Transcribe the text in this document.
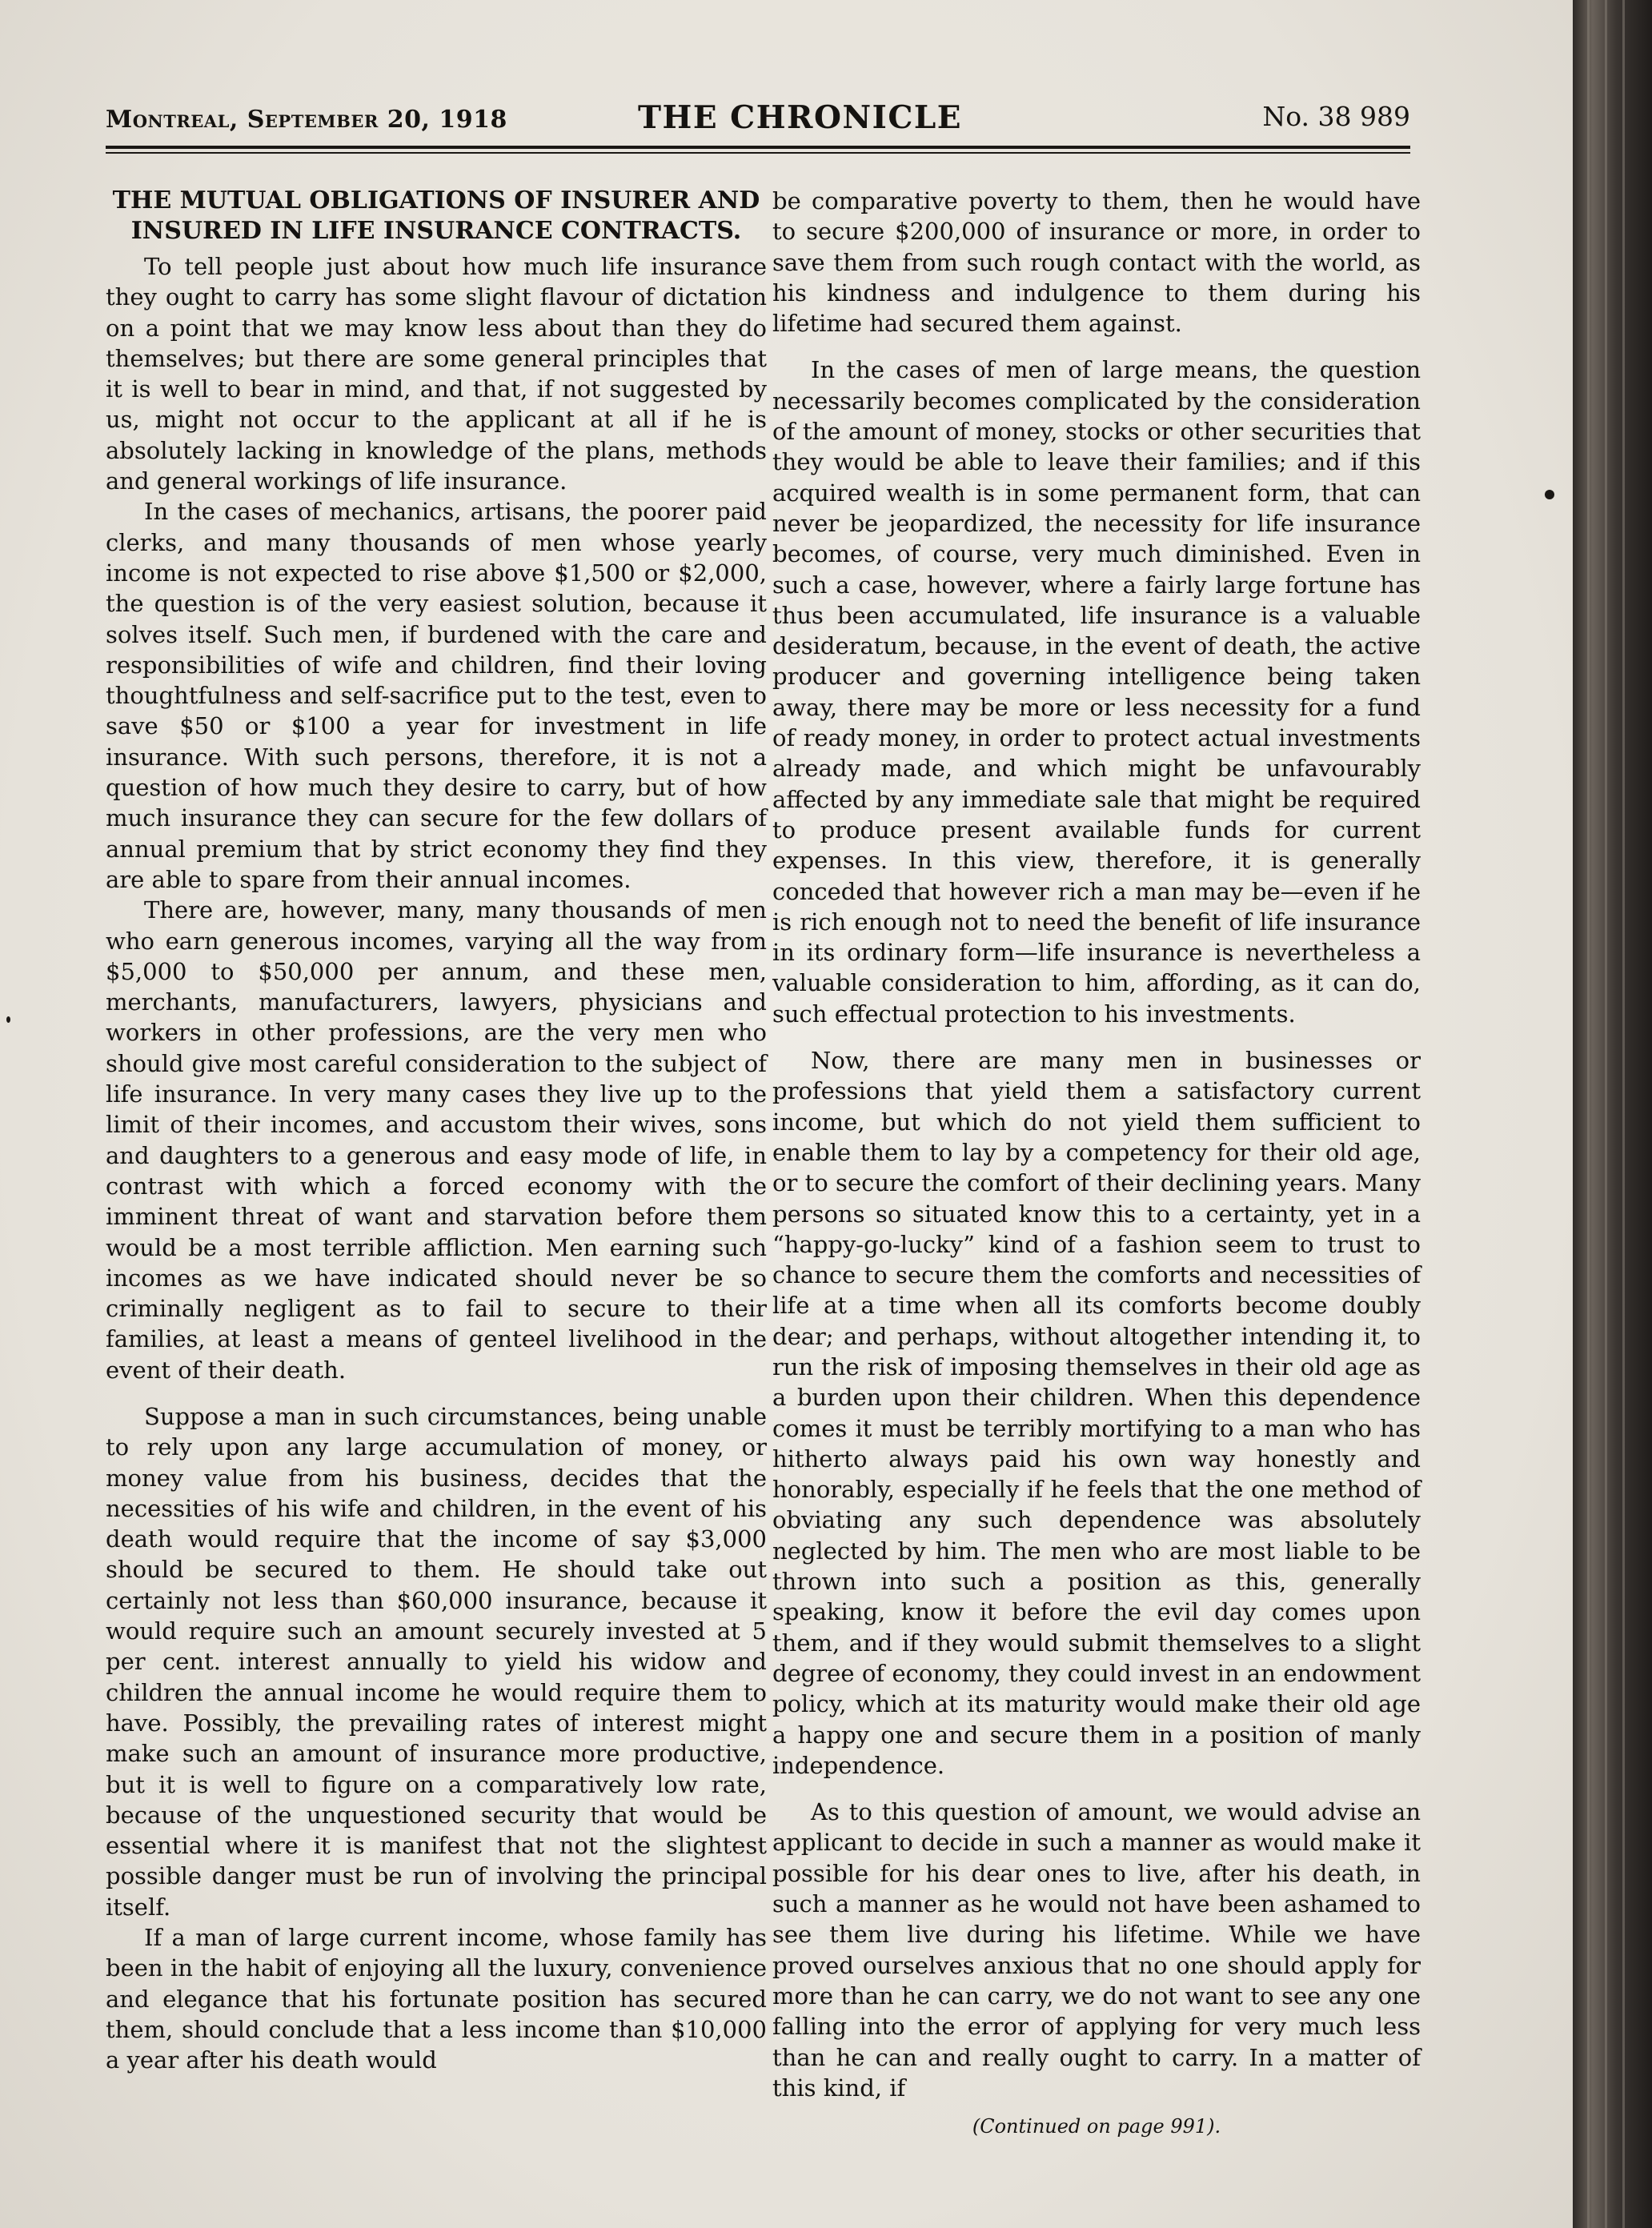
Montreal, September 20, 1918	THE CHRONICLE	No. 38 989
THE MUTUAL OBLIGATIONS OF INSURER AND INSURED IN LIFE INSURANCE CONTRACTS.

To tell people just about how much life insurance they ought to carry has some slight flavour of dictation on a point that we may know less about than they do themselves; but there are some general principles that it is well to bear in mind, and that, if not suggested by us, might not occur to the applicant at all if he is absolutely lacking in knowledge of the plans, methods and general workings of life insurance.

In the cases of mechanics, artisans, the poorer paid clerks, and many thousands of men whose yearly income is not expected to rise above $1,500 or $2,000, the question is of the very easiest solution, because it solves itself. Such men, if burdened with the care and responsibilities of wife and children, find their loving thoughtfulness and self-sacrifice put to the test, even to save $50 or $100 a year for investment in life insurance. With such persons, therefore, it is not a question of how much they desire to carry, but of how much insurance they can secure for the few dollars of annual premium that by strict economy they find they are able to spare from their annual incomes.

There are, however, many, many thousands of men who earn generous incomes, varying all the way from $5,000 to $50,000 per annum, and these men, merchants, manufacturers, lawyers, physicians and workers in other professions, are the very men who should give most careful consideration to the subject of life insurance. In very many cases they live up to the limit of their incomes, and accustom their wives, sons and daughters to a generous and easy mode of life, in contrast with which a forced economy with the imminent threat of want and starvation before them would be a most terrible affliction. Men earning such incomes as we have indicated should never be so criminally negligent as to fail to secure to their families, at least a means of genteel livelihood in the event of their death.

Suppose a man in such circumstances, being unable to rely upon any large accumulation of money, or money value from his business, decides that the necessities of his wife and children, in the event of his death would require that the income of say $3,000 should be secured to them. He should take out certainly not less than $60,000 insurance, because it would require such an amount securely invested at 5 per cent. interest annually to yield his widow and children the annual income he would require them to have. Possibly, the prevailing rates of interest might make such an amount of insurance more productive, but it is well to figure on a comparatively low rate, because of the unquestioned security that would be essential where it is manifest that not the slightest possible danger must be run of involving the principal itself.

If a man of large current income, whose family has been in the habit of enjoying all the luxury, convenience and elegance that his fortunate position has secured them, should conclude that a less income than $10,000 a year after his death would

be comparative poverty to them, then he would have to secure $200,000 of insurance or more, in order to save them from such rough contact with the world, as his kindness and indulgence to them during his lifetime had secured them against.

In the cases of men of large means, the question necessarily becomes complicated by the consideration of the amount of money, stocks or other securities that they would be able to leave their families; and if this acquired wealth is in some permanent form, that can never be jeopardized, the necessity for life insurance becomes, of course, very much diminished. Even in such a case, however, where a fairly large fortune has thus been accumulated, life insurance is a valuable desideratum, because, in the event of death, the active producer and governing intelligence being taken away, there may be more or less necessity for a fund of ready money, in order to protect actual investments already made, and which might be unfavourably affected by any immediate sale that might be required to produce present available funds for current expenses. In this view, therefore, it is generally conceded that however rich a man may be—even if he is rich enough not to need the benefit of life insurance in its ordinary form—life insurance is nevertheless a valuable consideration to him, affording, as it can do, such effectual protection to his investments.

Now, there are many men in businesses or professions that yield them a satisfactory current income, but which do not yield them sufficient to enable them to lay by a competency for their old age, or to secure the comfort of their declining years. Many persons so situated know this to a certainty, yet in a “happy-go-lucky” kind of a fashion seem to trust to chance to secure them the comforts and necessities of life at a time when all its comforts become doubly dear; and perhaps, without altogether intending it, to run the risk of imposing themselves in their old age as a burden upon their children. When this dependence comes it must be terribly mortifying to a man who has hitherto always paid his own way honestly and honorably, especially if he feels that the one method of obviating any such dependence was absolutely neglected by him. The men who are most liable to be thrown into such a position as this, generally speaking, know it before the evil day comes upon them, and if they would submit themselves to a slight degree of economy, they could invest in an endowment policy, which at its maturity would make their old age a happy one and secure them in a position of manly independence.

As to this question of amount, we would advise an applicant to decide in such a manner as would make it possible for his dear ones to live, after his death, in such a manner as he would not have been ashamed to see them live during his lifetime. While we have proved ourselves anxious that no one should apply for more than he can carry, we do not want to see any one falling into the error of applying for very much less than he can and really ought to carry. In a matter of this kind, if

(Continued on page 991).
